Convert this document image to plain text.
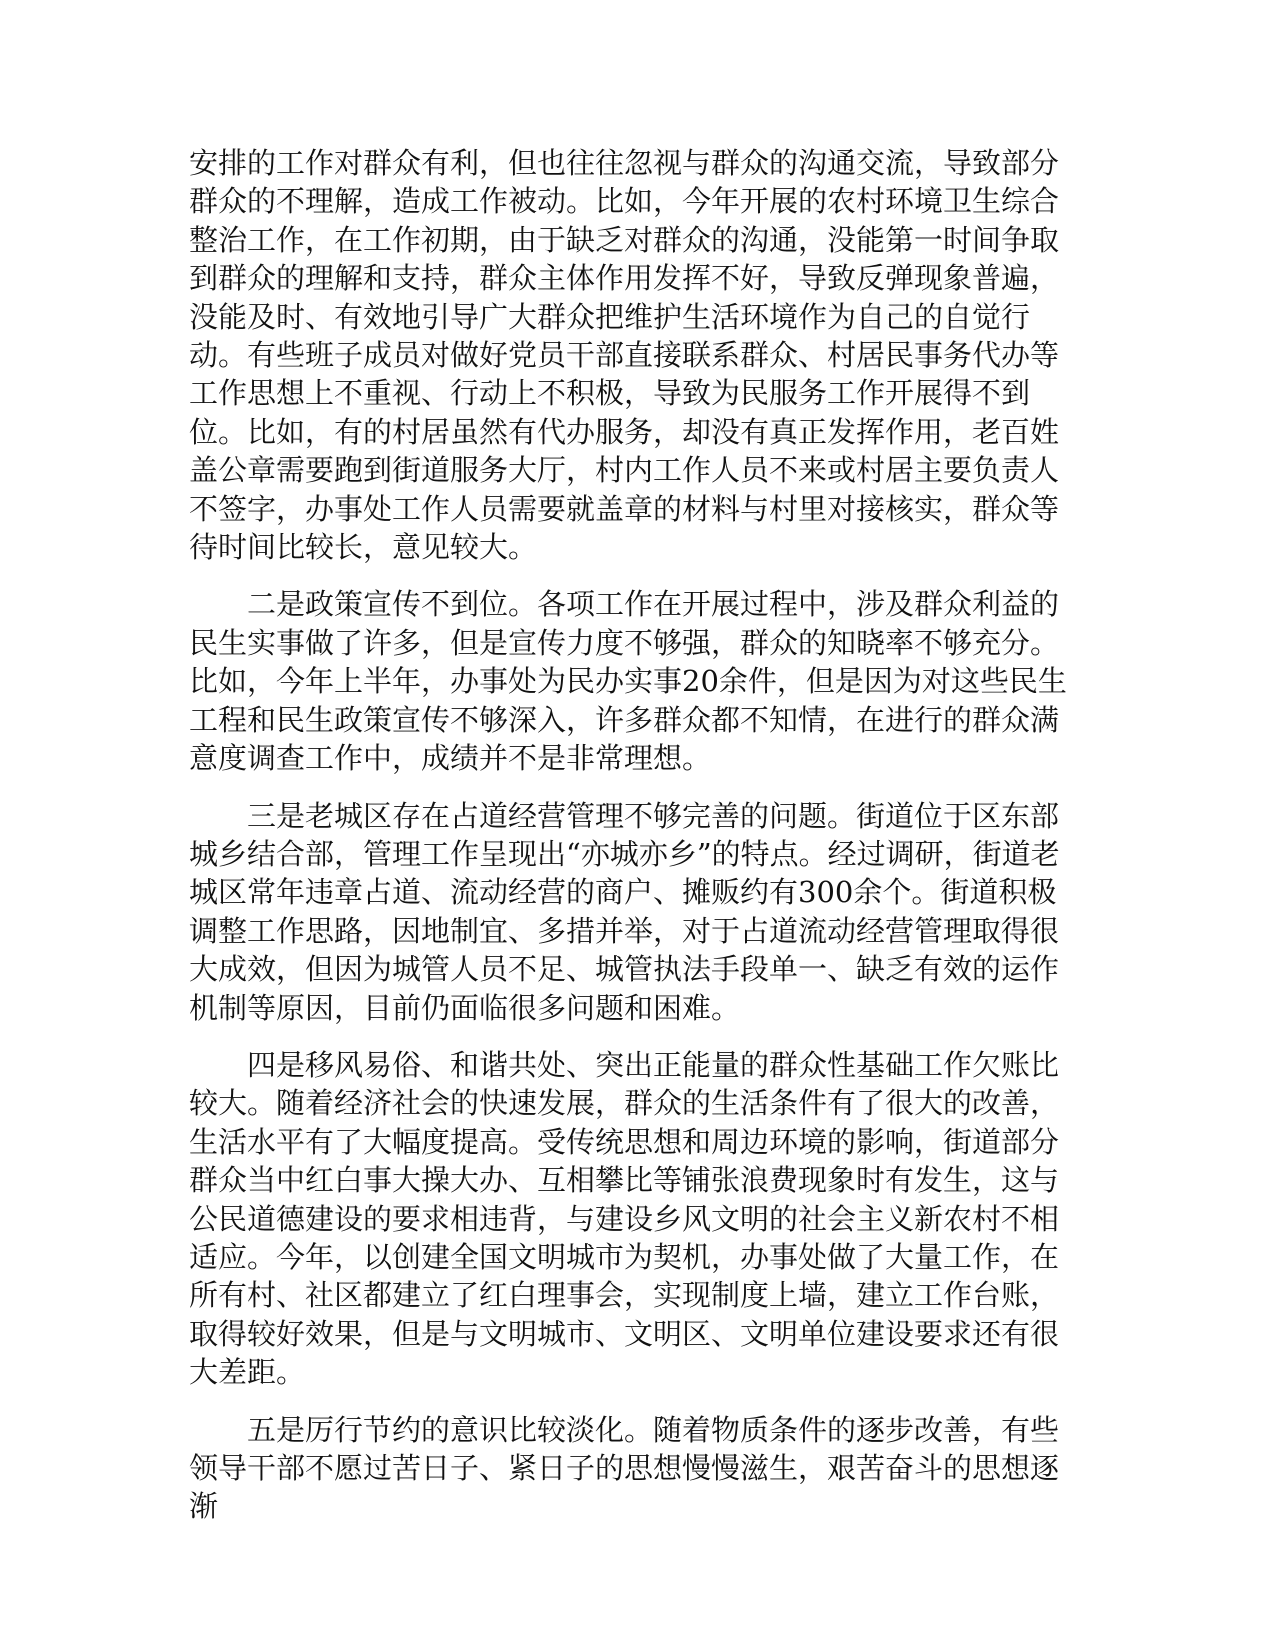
安排的工作对群众有利，但也往往忽视与群众的沟通交流，导致部分群众的不理解，造成工作被动。比如，今年开展的农村环境卫生综合整治工作，在工作初期，由于缺乏对群众的沟通，没能第一时间争取到群众的理解和支持，群众主体作用发挥不好，导致反弹现象普遍，没能及时、有效地引导广大群众把维护生活环境作为自己的自觉行动。有些班子成员对做好党员干部直接联系群众、村居民事务代办等工作思想上不重视、行动上不积极，导致为民服务工作开展得不到位。比如，有的村居虽然有代办服务，却没有真正发挥作用，老百姓盖公章需要跑到街道服务大厅，村内工作人员不来或村居主要负责人不签字，办事处工作人员需要就盖章的材料与村里对接核实，群众等待时间比较长，意见较大。

二是政策宣传不到位。各项工作在开展过程中，涉及群众利益的民生实事做了许多，但是宣传力度不够强，群众的知晓率不够充分。比如，今年上半年，办事处为民办实事20余件，但是因为对这些民生工程和民生政策宣传不够深入，许多群众都不知情，在进行的群众满意度调查工作中，成绩并不是非常理想。

三是老城区存在占道经营管理不够完善的问题。街道位于区东部城乡结合部，管理工作呈现出“亦城亦乡”的特点。经过调研，街道老城区常年违章占道、流动经营的商户、摊贩约有300余个。街道积极调整工作思路，因地制宜、多措并举，对于占道流动经营管理取得很大成效，但因为城管人员不足、城管执法手段单一、缺乏有效的运作机制等原因，目前仍面临很多问题和困难。

四是移风易俗、和谐共处、突出正能量的群众性基础工作欠账比较大。随着经济社会的快速发展，群众的生活条件有了很大的改善，生活水平有了大幅度提高。受传统思想和周边环境的影响，街道部分群众当中红白事大操大办、互相攀比等铺张浪费现象时有发生，这与公民道德建设的要求相违背，与建设乡风文明的社会主义新农村不相适应。今年，以创建全国文明城市为契机，办事处做了大量工作，在所有村、社区都建立了红白理事会，实现制度上墙，建立工作台账，取得较好效果，但是与文明城市、文明区、文明单位建设要求还有很大差距。

五是厉行节约的意识比较淡化。随着物质条件的逐步改善，有些领导干部不愿过苦日子、紧日子的思想慢慢滋生，艰苦奋斗的思想逐渐
